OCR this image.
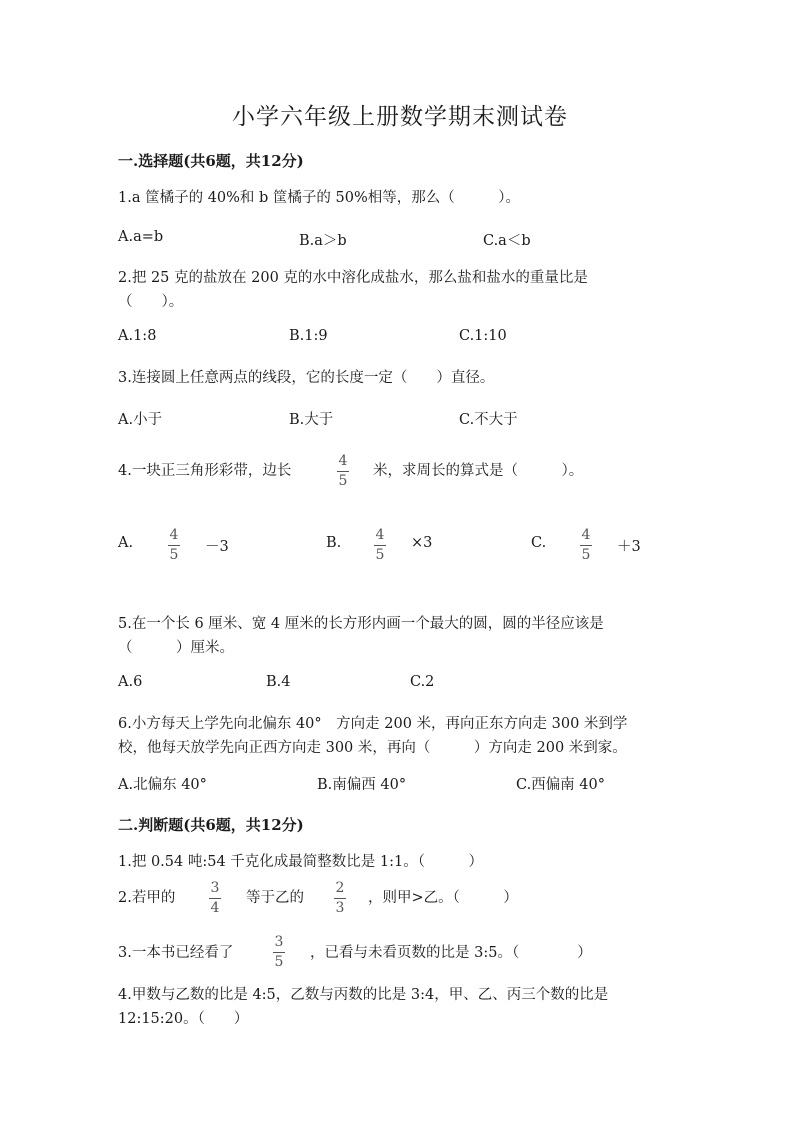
小学六年级上册数学期末测试卷
一.选择题(共6题，共12分)
1.a 筐橘子的 40%和 b 筐橘子的 50%相等，那么（　　　）。
A.a=b	B.a＞b	C.a＜b
2.把 25 克的盐放在 200 克的水中溶化成盐水，那么盐和盐水的重量比是
（　　）。
A.1:8	B.1:9	C.1:10
3.连接圆上任意两点的线段，它的长度一定（　　）直径。
A.小于	B.大于	C.不大于
4.一块正三角形彩带，边长
4
5
米，求周长的算式是（　　　）。
A.	4
5 －3	B. 4
5
×3	C.	4
5 ＋3
5.在一个长 6 厘米、宽 4 厘米的长方形内画一个最大的圆，圆的半径应该是
（　　　）厘米。
A.6	B.4	C.2
6.小方每天上学先向北偏东 40°　方向走 200 米，再向正东方向走 300 米到学
校，他每天放学先向正西方向走 300 米，再向（　　　）方向走 200 米到家。
A.北偏东 40°	B.南偏西 40°	C.西偏南 40°
二.判断题(共6题，共12分)
1.把 0.54 吨:54 千克化成最简整数比是 1:1。（　　　）
2.若甲的
3
4
等于乙的
2
3
，则甲>乙。（　　　）
3.一本书已经看了
3
5
，已看与未看页数的比是 3:5。（　　　　）
4.甲数与乙数的比是 4:5，乙数与丙数的比是 3:4，甲、乙、丙三个数的比是
12:15:20。（　　）
